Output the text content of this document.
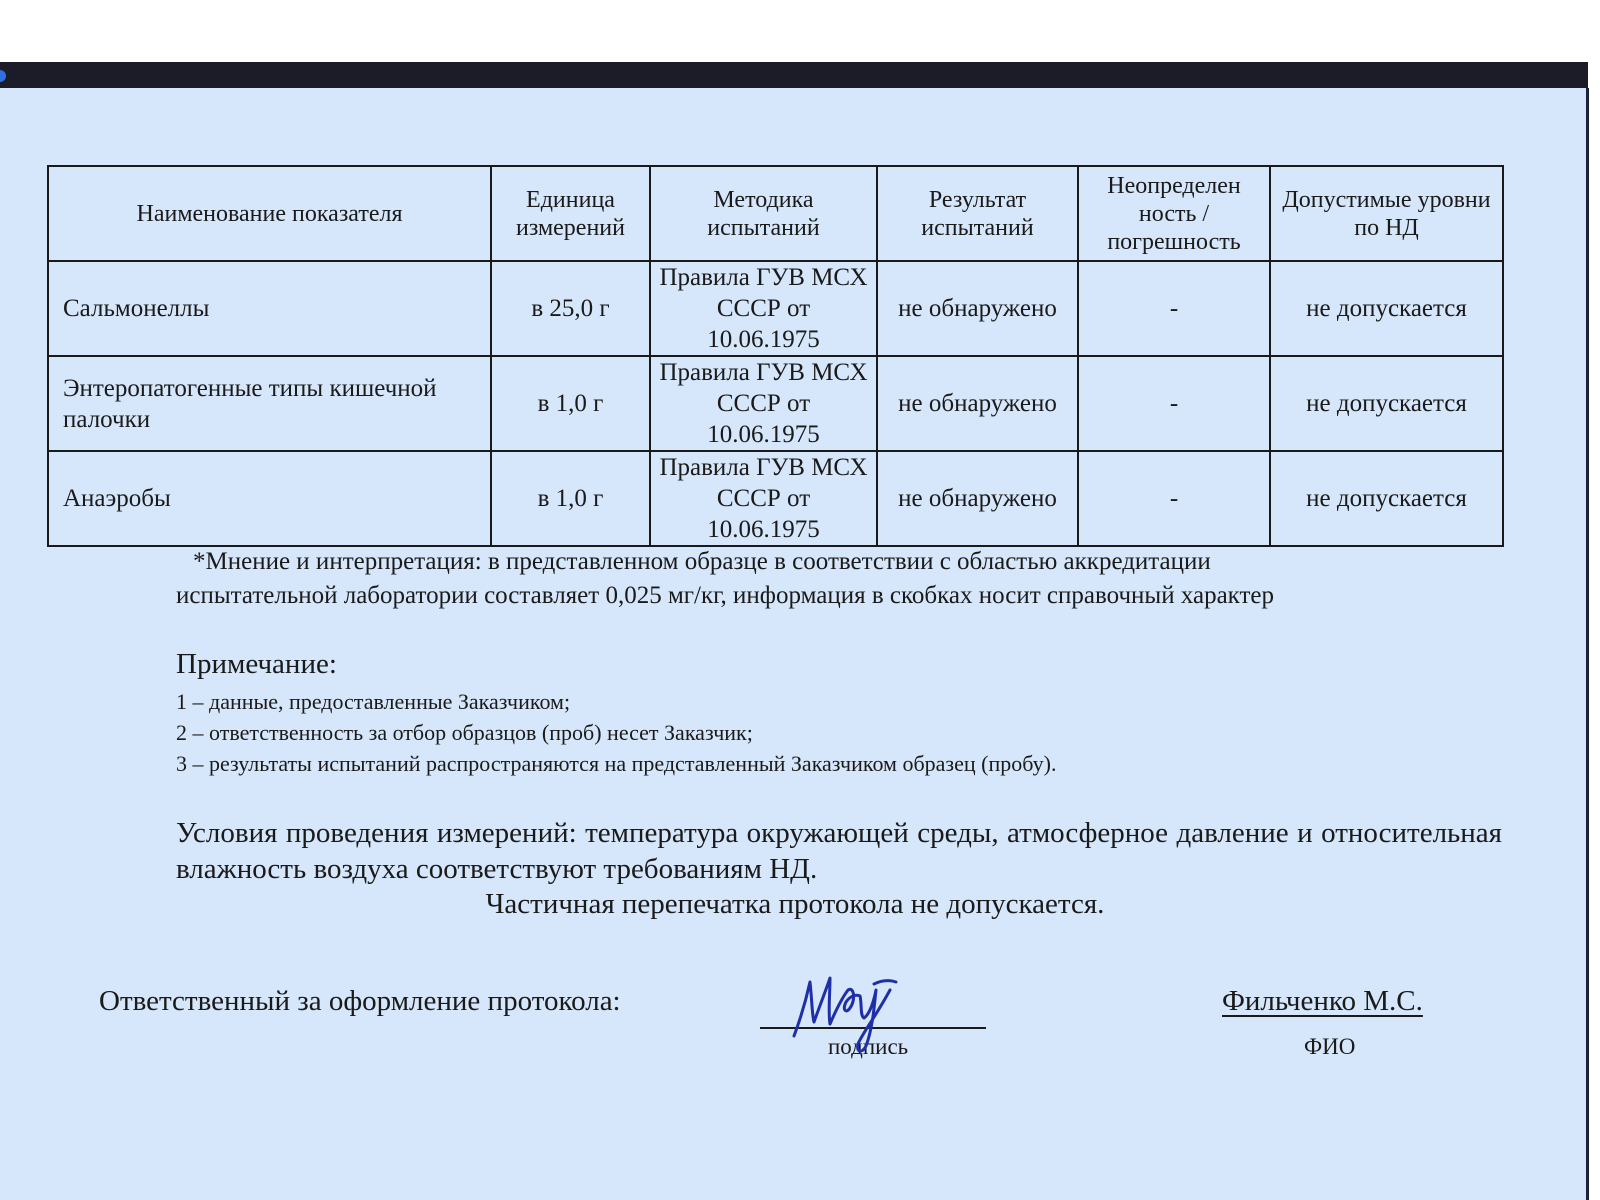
Наименование показателя	Единица измерений	Методика испытаний	Результат испытаний	Неопределен ность / погрешность	Допустимые уровни по НД
Сальмонеллы	в 25,0 г	Правила ГУВ МСХ СССР от 10.06.1975	не обнаружено	-	не допускается
Энтеропатогенные типы кишечной палочки	в 1,0 г	Правила ГУВ МСХ СССР от 10.06.1975	не обнаружено	-	не допускается
Анаэробы	в 1,0 г	Правила ГУВ МСХ СССР от 10.06.1975	не обнаружено	-	не допускается
*Мнение и интерпретация: в представленном образце в соответствии с областью аккредитации
испытательной лаборатории составляет 0,025 мг/кг, информация в скобках носит справочный характер
Примечание:
1 – данные, предоставленные Заказчиком;
2 – ответственность за отбор образцов (проб) несет Заказчик;
3 – результаты испытаний распространяются на представленный Заказчиком образец (пробу).
Условия проведения измерений: температура окружающей среды, атмосферное давление и относительная влажность воздуха соответствуют требованиям НД.
Частичная перепечатка протокола не допускается.
Ответственный за оформление протокола:
подпись
Фильченко М.С.
ФИО
